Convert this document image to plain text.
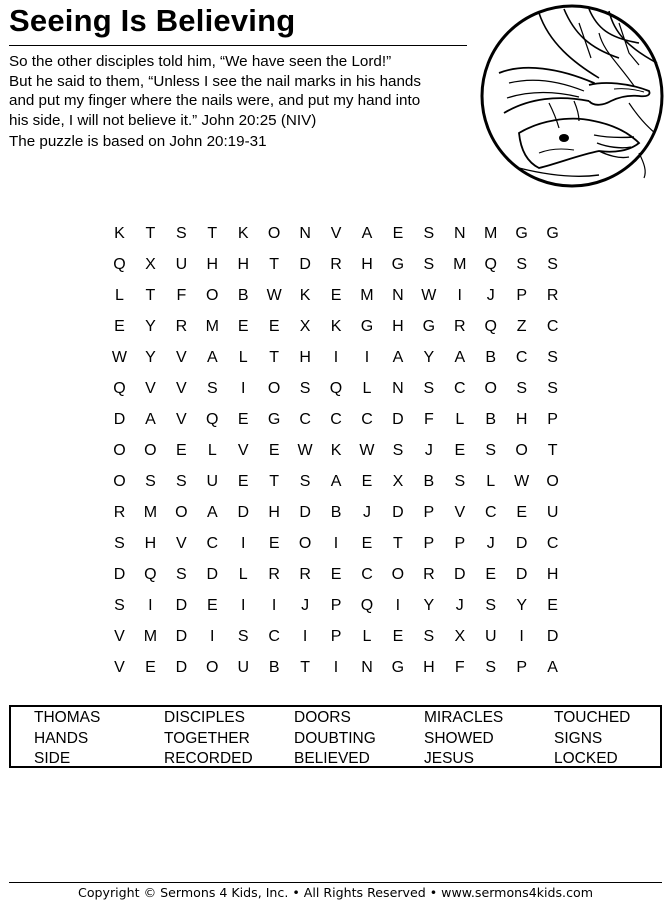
Seeing Is Believing
So the other disciples told him, “We have seen the Lord!”
But he said to them, “Unless I see the nail marks in his hands
and put my finger where the nails were, and put my hand into
his side, I will not believe it.” John 20:25 (NIV)
The puzzle is based on John 20:19-31
K	T	S	T	K	O	N	V	A	E	S	N	M	G	G
Q	X	U	H	H	T	D	R	H	G	S	M	Q	S	S
L	T	F	O	B	W	K	E	M	N	W	I	J	P	R
E	Y	R	M	E	E	X	K	G	H	G	R	Q	Z	C
W	Y	V	A	L	T	H	I	I	A	Y	A	B	C	S
Q	V	V	S	I	O	S	Q	L	N	S	C	O	S	S
D	A	V	Q	E	G	C	C	C	D	F	L	B	H	P
O	O	E	L	V	E	W	K	W	S	J	E	S	O	T
O	S	S	U	E	T	S	A	E	X	B	S	L	W	O
R	M	O	A	D	H	D	B	J	D	P	V	C	E	U
S	H	V	C	I	E	O	I	E	T	P	P	J	D	C
D	Q	S	D	L	R	R	E	C	O	R	D	E	D	H
S	I	D	E	I	I	J	P	Q	I	Y	J	S	Y	E
V	M	D	I	S	C	I	P	L	E	S	X	U	I	D
V	E	D	O	U	B	T	I	N	G	H	F	S	P	A
THOMAS	DISCIPLES	DOORS	MIRACLES	TOUCHED
HANDS	TOGETHER	DOUBTING	SHOWED	SIGNS
SIDE	RECORDED	BELIEVED	JESUS	LOCKED
Copyright © Sermons 4 Kids, Inc. • All Rights Reserved • www.sermons4kids.com
